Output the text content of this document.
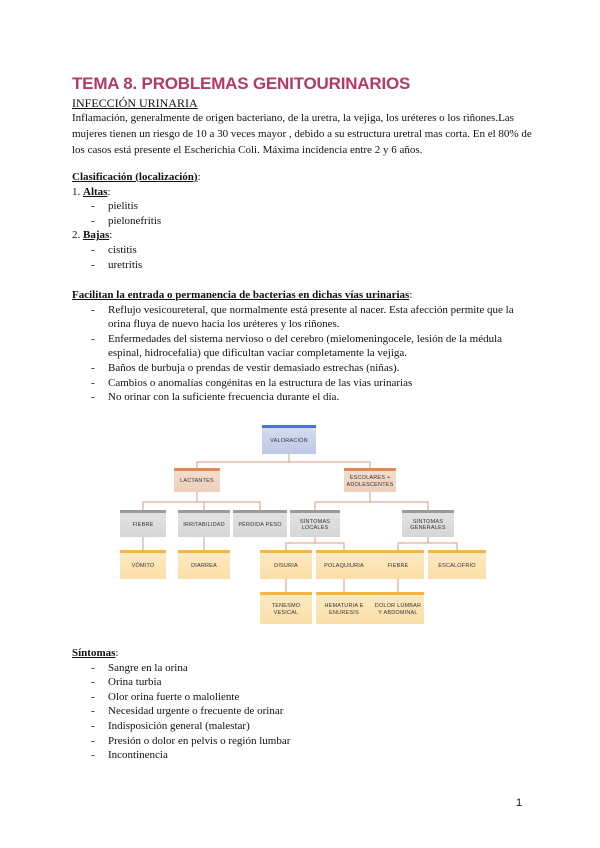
TEMA 8. PROBLEMAS GENITOURINARIOS
INFECCIÓN URINARIA

Inflamación, generalmente de origen bacteriano, de la uretra, la vejiga, los uréteres o los riñones.Las mujeres tienen un riesgo de 10 a 30 veces mayor , debido a su estructura uretral mas corta. En el 80% de los casos está presente el Escherichia Coli. Máxima incidencia entre 2 y 6 años.

Clasificación (localización):
1. Altas:
- pielitis
- pielonefritis
2. Bajas:
- cistitis
- uretritis
Facilitan la entrada o permanencia de bacterias en dichas vías urinarias:
- Reflujo vesicoureteral, que normalmente está presente al nacer. Esta afección permite que la orina fluya de nuevo hacia los uréteres y los riñones.
- Enfermedades del sistema nervioso o del cerebro (mielomeningocele, lesión de la médula espinal, hidrocefalia) que dificultan vaciar completamente la vejiga.
- Baños de burbuja o prendas de vestir demasiado estrechas (niñas).
- Cambios o anomalías congénitas en la estructura de las vías urinarias
- No orinar con la suficiente frecuencia durante el día.
VALORACIÓN
LACTANTES
ESCOLARES + ADOLESCENTES
FIEBRE	IRRITABILIDAD	PÉRDIDA PESO
SÍNTOMAS LOCALES
SÍNTOMAS GENERALES
VÓMITO	DIARREA	DISURIA	POLAQUIURIA	FIEBRE	ESCALOFRÍO
TENESMO VESICAL
HEMATURIA E ENURESIS
DOLOR LUMBAR Y ABDOMINAL
Síntomas:
- Sangre en la orina
- Orina turbia
- Olor orina fuerte o maloliente
- Necesidad urgente o frecuente de orinar
- Indisposición general (malestar)
- Presión o dolor en pelvis o región lumbar
- Incontinencia
1
